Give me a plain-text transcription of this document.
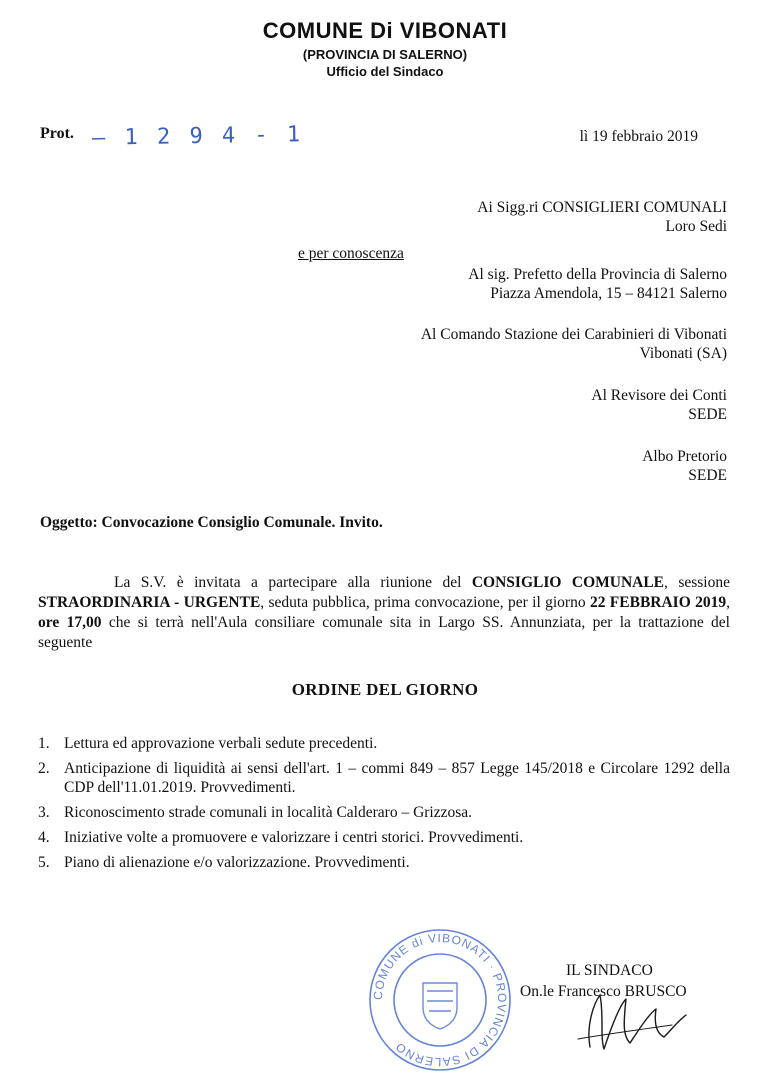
COMUNE Di VIBONATI
(PROVINCIA DI SALERNO)
Ufficio del Sindaco
Prot. – 1 2 9 4 - 1	lì 19 febbraio 2019
Ai Sigg.ri CONSIGLIERI COMUNALI
Loro Sedi
e per conoscenza
Al sig. Prefetto della Provincia di Salerno
Piazza Amendola, 15 – 84121 Salerno
Al Comando Stazione dei Carabinieri di Vibonati
Vibonati (SA)
Al Revisore dei Conti
SEDE
Albo Pretorio
SEDE
Oggetto: Convocazione Consiglio Comunale. Invito.
La S.V. è invitata a partecipare alla riunione del CONSIGLIO COMUNALE, sessione STRAORDINARIA - URGENTE, seduta pubblica, prima convocazione, per il giorno 22 FEBBRAIO 2019, ore 17,00 che si terrà nell'Aula consiliare comunale sita in Largo SS. Annunziata, per la trattazione del seguente
ORDINE DEL GIORNO
1. Lettura ed approvazione verbali sedute precedenti.
2. Anticipazione di liquidità ai sensi dell'art. 1 – commi 849 – 857 Legge 145/2018 e Circolare 1292 della CDP dell'11.01.2019. Provvedimenti.
3. Riconoscimento strade comunali in località Calderaro – Grizzosa.
4. Iniziative volte a promuovere e valorizzare i centri storici. Provvedimenti.
5. Piano di alienazione e/o valorizzazione. Provvedimenti.
COMUNE di VIBONATI · PROVINCIA DI SALERNO
IL SINDACO
On.le Francesco BRUSCO
